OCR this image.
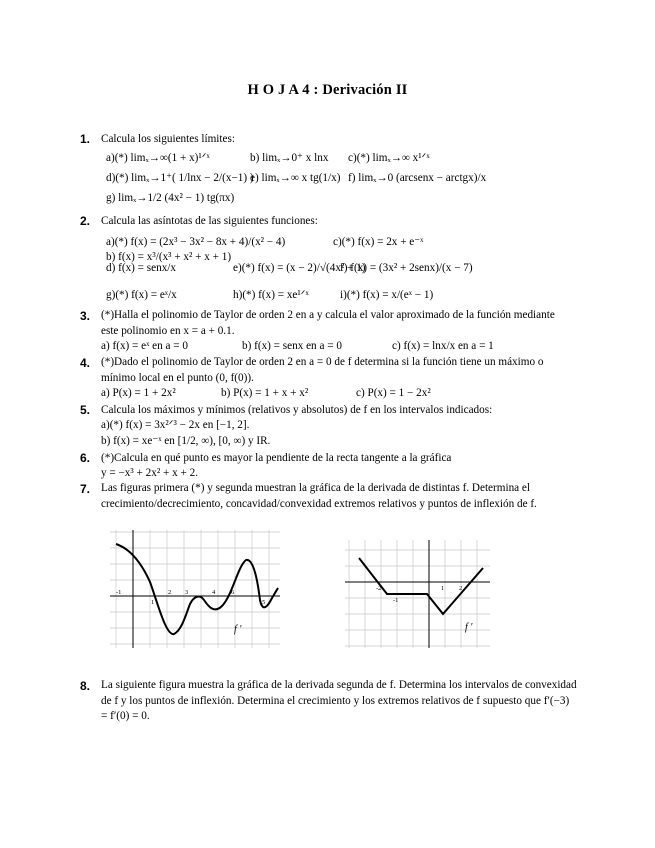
H O J A 4 : Derivación II
1. Calcula los siguientes límites:
a)(*) limₓ→∞(1 + x)¹ᐟˣ	b) limₓ→0⁺ x lnx c)(*) limₓ→∞ x¹ᐟˣ
d)(*) limₓ→1⁺( 1/lnx − 2/(x−1) )
e) limₓ→∞ x tg(1/x) f) limₓ→0 (arcsenx − arctgx)/x
g) limₓ→1/2 (4x² − 1) tg(πx)
2. Calcula las asíntotas de las siguientes funciones:
a)(*) f(x) = (2x³ − 3x² − 8x + 4)/(x² − 4)	c)(*) f(x) = 2x + e⁻ˣ
b) f(x) = x³/(x³ + x² + x + 1)
d) f(x) = senx/x	e)(*) f(x) = (x − 2)/√(4x² + 1)
f) f(x) = (3x² + 2senx)/(x − 7)
g)(*) f(x) = eˣ/x	h)(*) f(x) = xe¹ᐟˣ	i)(*) f(x) = x/(eˣ − 1)
3. (*)Halla el polinomio de Taylor de orden 2 en a y calcula el valor aproximado de la función mediante este polinomio en x = a + 0.1.
a) f(x) = eˣ en a = 0	b) f(x) = senx en a = 0	c) f(x) = lnx/x en a = 1
4. (*)Dado el polinomio de Taylor de orden 2 en a = 0 de f determina si la función tiene un máximo o mínimo local en el punto (0, f(0)).
a) P(x) = 1 + 2x²	b) P(x) = 1 + x + x²	c) P(x) = 1 − 2x²
5. Calcula los máximos y mínimos (relativos y absolutos) de f en los intervalos indicados:
a)(*) f(x) = 3x²ᐟ³ − 2x en [−1, 2].
b) f(x) = xe⁻ˣ en [1/2, ∞), [0, ∞) y IR.
6. (*)Calcula en qué punto es mayor la pendiente de la recta tangente a la gráfica
y = −x³ + 2x² + x + 2.
7. Las figuras primera (*) y segunda muestran la gráfica de la derivada de distintas f. Determina el crecimiento/decrecimiento, concavidad/convexidad extremos relativos y puntos de inflexión de f.
-1
1
2 3	4
5
6
f '
-2
-1
1 2
f '
8. La siguiente figura muestra la gráfica de la derivada segunda de f. Determina los intervalos de convexidad de f y los puntos de inflexión. Determina el crecimiento y los extremos relativos de f supuesto que f′(−3) = f′(0) = 0.
